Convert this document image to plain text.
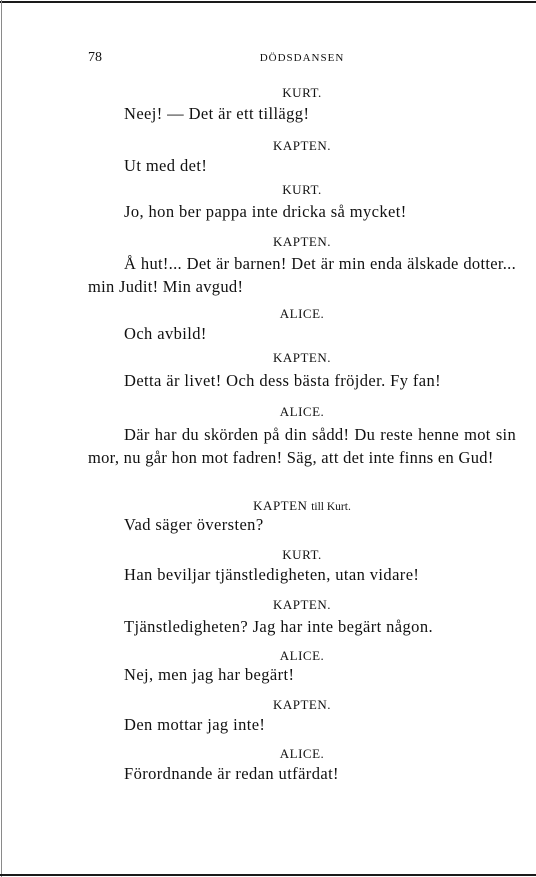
78	DÖDSDANSEN
KURT.
Neej! — Det är ett tillägg!
KAPTEN.
Ut med det!
KURT.
Jo, hon ber pappa inte dricka så mycket!
KAPTEN.
Å hut!... Det är barnen! Det är min enda älskade dotter... min Judit! Min avgud!
ALICE.
Och avbild!
KAPTEN.
Detta är livet! Och dess bästa fröjder. Fy fan!
ALICE.
Där har du skörden på din sådd! Du reste henne mot sin mor, nu går hon mot fadren! Säg, att det inte finns en Gud!
KAPTEN till Kurt.
Vad säger översten?
KURT.
Han beviljar tjänstledigheten, utan vidare!
KAPTEN.
Tjänstledigheten? Jag har inte begärt någon.
ALICE.
Nej, men jag har begärt!
KAPTEN.
Den mottar jag inte!
ALICE.
Förordnande är redan utfärdat!
